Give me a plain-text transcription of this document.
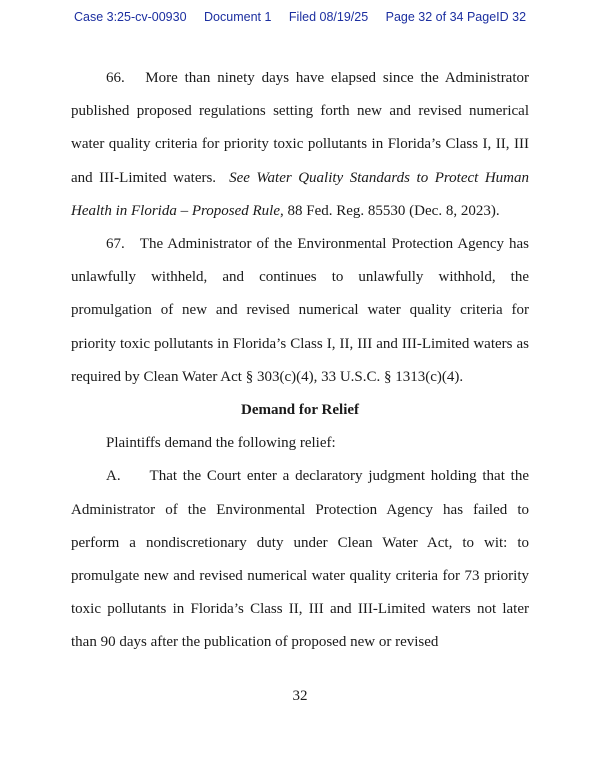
Case 3:25-cv-00930 Document 1 Filed 08/19/25 Page 32 of 34 PageID 32

66. More than ninety days have elapsed since the Administrator published proposed regulations setting forth new and revised numerical water quality criteria for priority toxic pollutants in Florida’s Class I, II, III and III-Limited waters. See Water Quality Standards to Protect Human Health in Florida – Proposed Rule, 88 Fed. Reg. 85530 (Dec. 8, 2023).

67. The Administrator of the Environmental Protection Agency has unlawfully withheld, and continues to unlawfully withhold, the promulgation of new and revised numerical water quality criteria for priority toxic pollutants in Florida’s Class I, II, III and III-Limited waters as required by Clean Water Act § 303(c)(4), 33 U.S.C. § 1313(c)(4).

Demand for Relief

Plaintiffs demand the following relief:

A. That the Court enter a declaratory judgment holding that the Administrator of the Environmental Protection Agency has failed to perform a nondiscretionary duty under Clean Water Act, to wit: to promulgate new and revised numerical water quality criteria for 73 priority toxic pollutants in Florida’s Class II, III and III-Limited waters not later than 90 days after the publication of proposed new or revised

32
